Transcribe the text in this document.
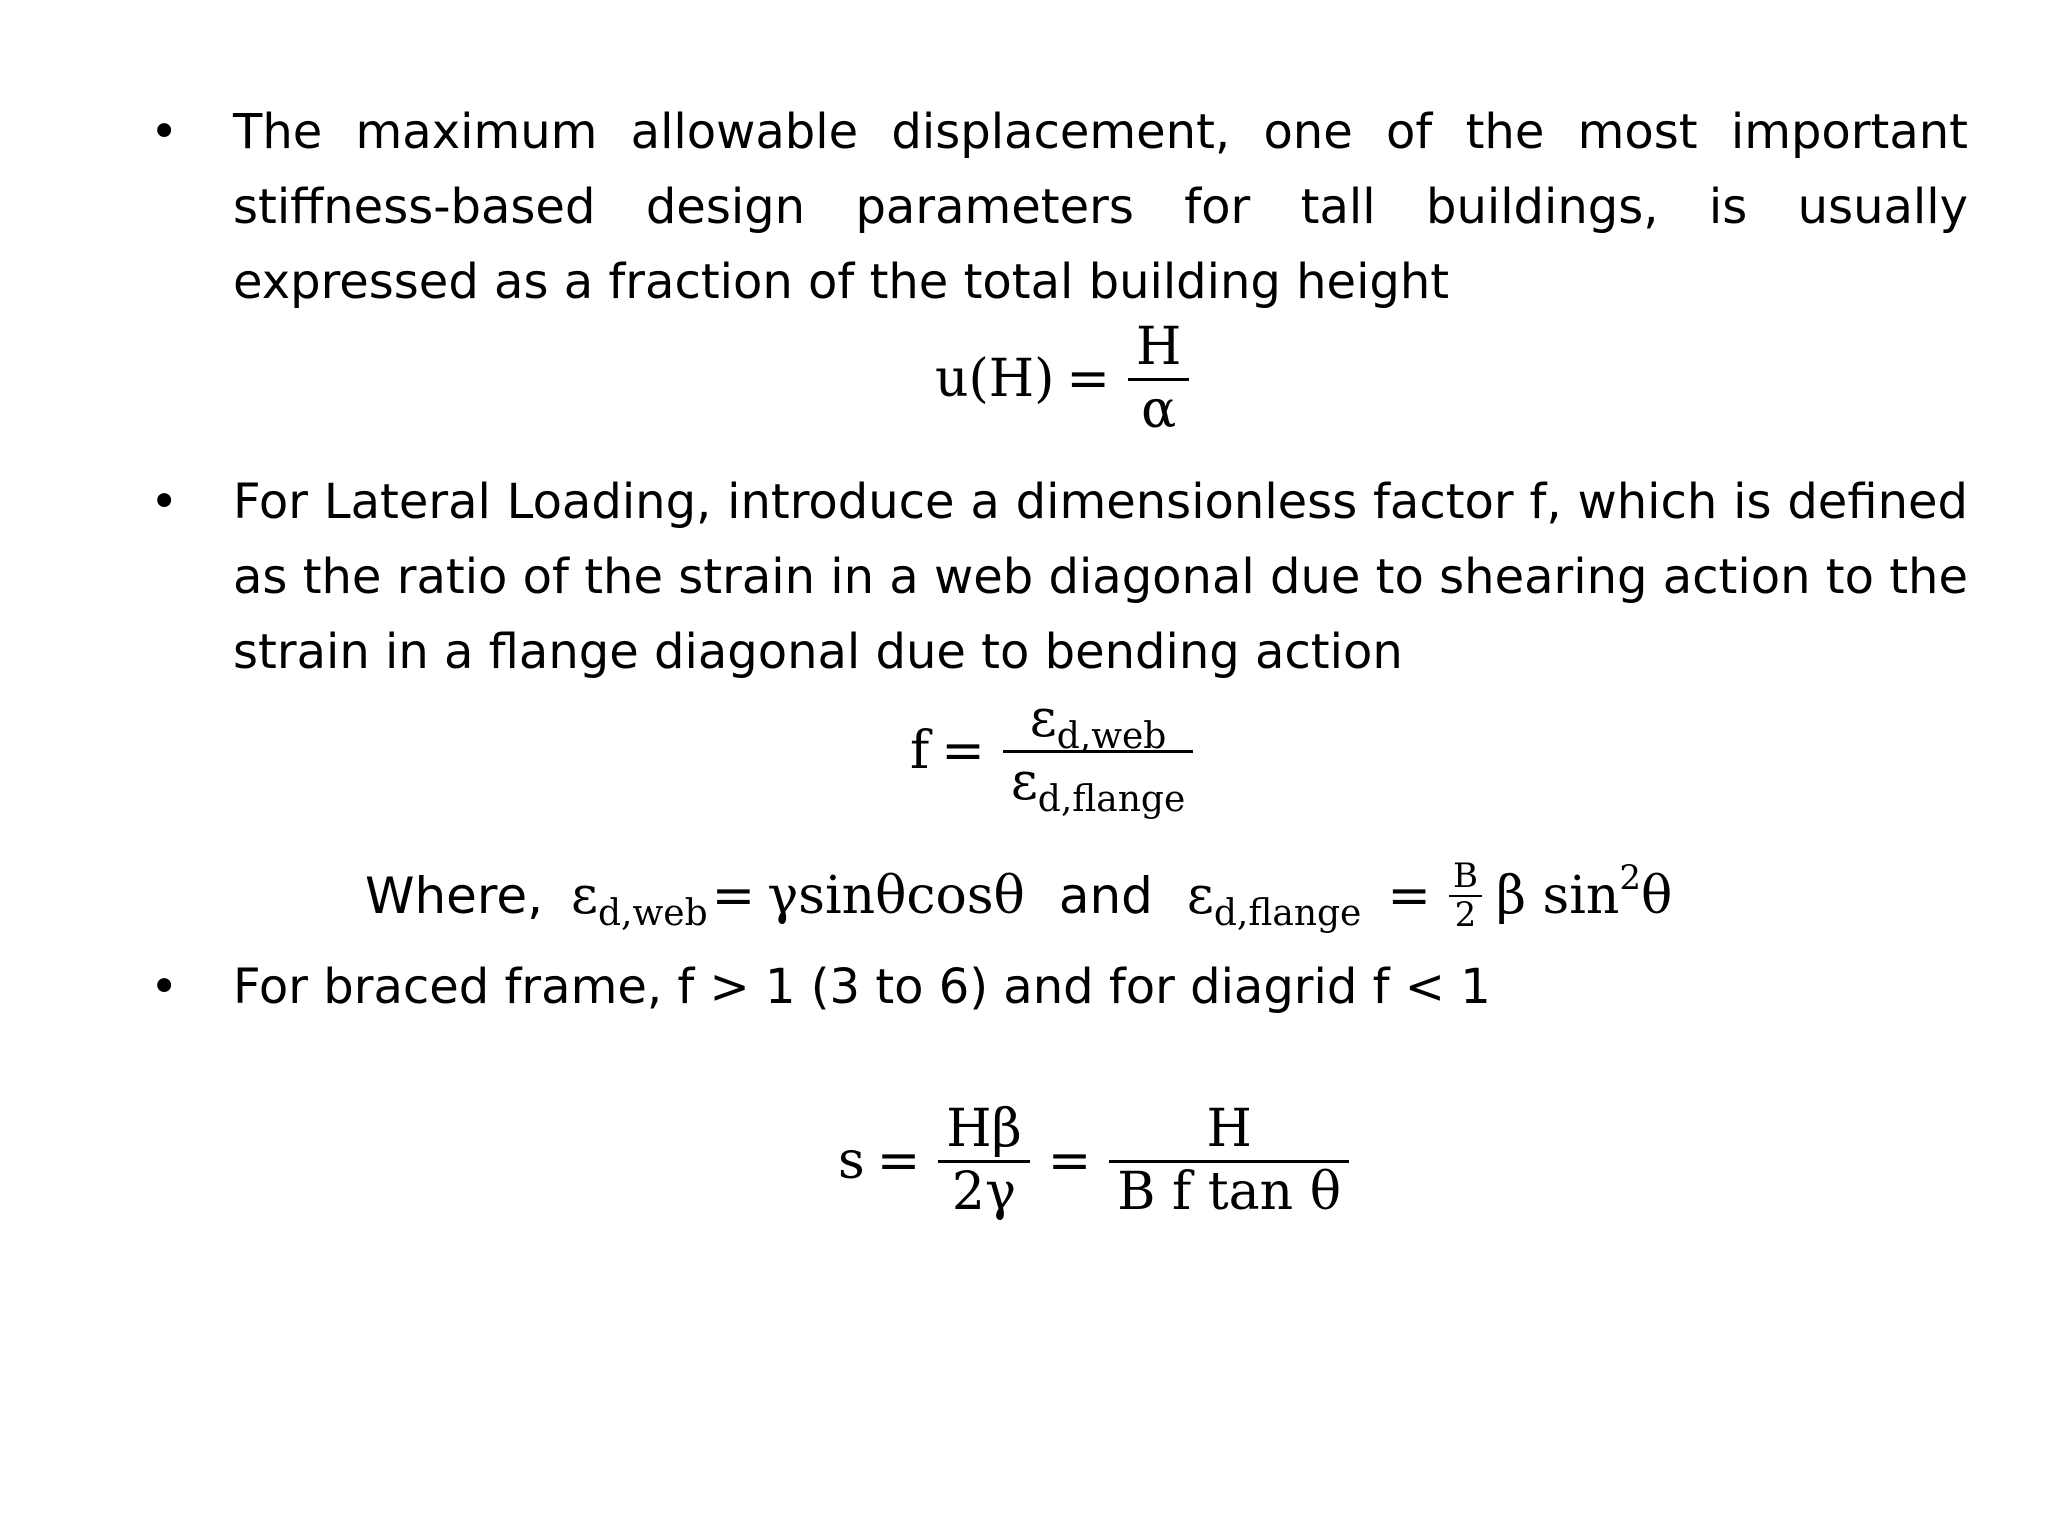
• The maximum allowable displacement, one of the most important stiffness-based design parameters for tall buildings, is usually expressed as a fraction of the total building height
$u(H) = \frac{H}{\alpha}$
• For Lateral Loading, introduce a dimensionless factor f, which is defined as the ratio of the strain in a web diagonal due to shearing action to the strain in a flange diagonal due to bending action
$f = \frac{\varepsilon_{d,web}}{\varepsilon_{d,flange}}$
Where, $\varepsilon_{d,web} = \gamma\sin\theta\cos\theta$ and $\varepsilon_{d,flange} = \frac{B}{2}$ β sin 2 θ
• For braced frame, f > 1 (3 to 6) and for diagrid f < 1
$s = \frac{H\beta}{2\gamma} = \frac{H}{\text{B f tan θ}}$
